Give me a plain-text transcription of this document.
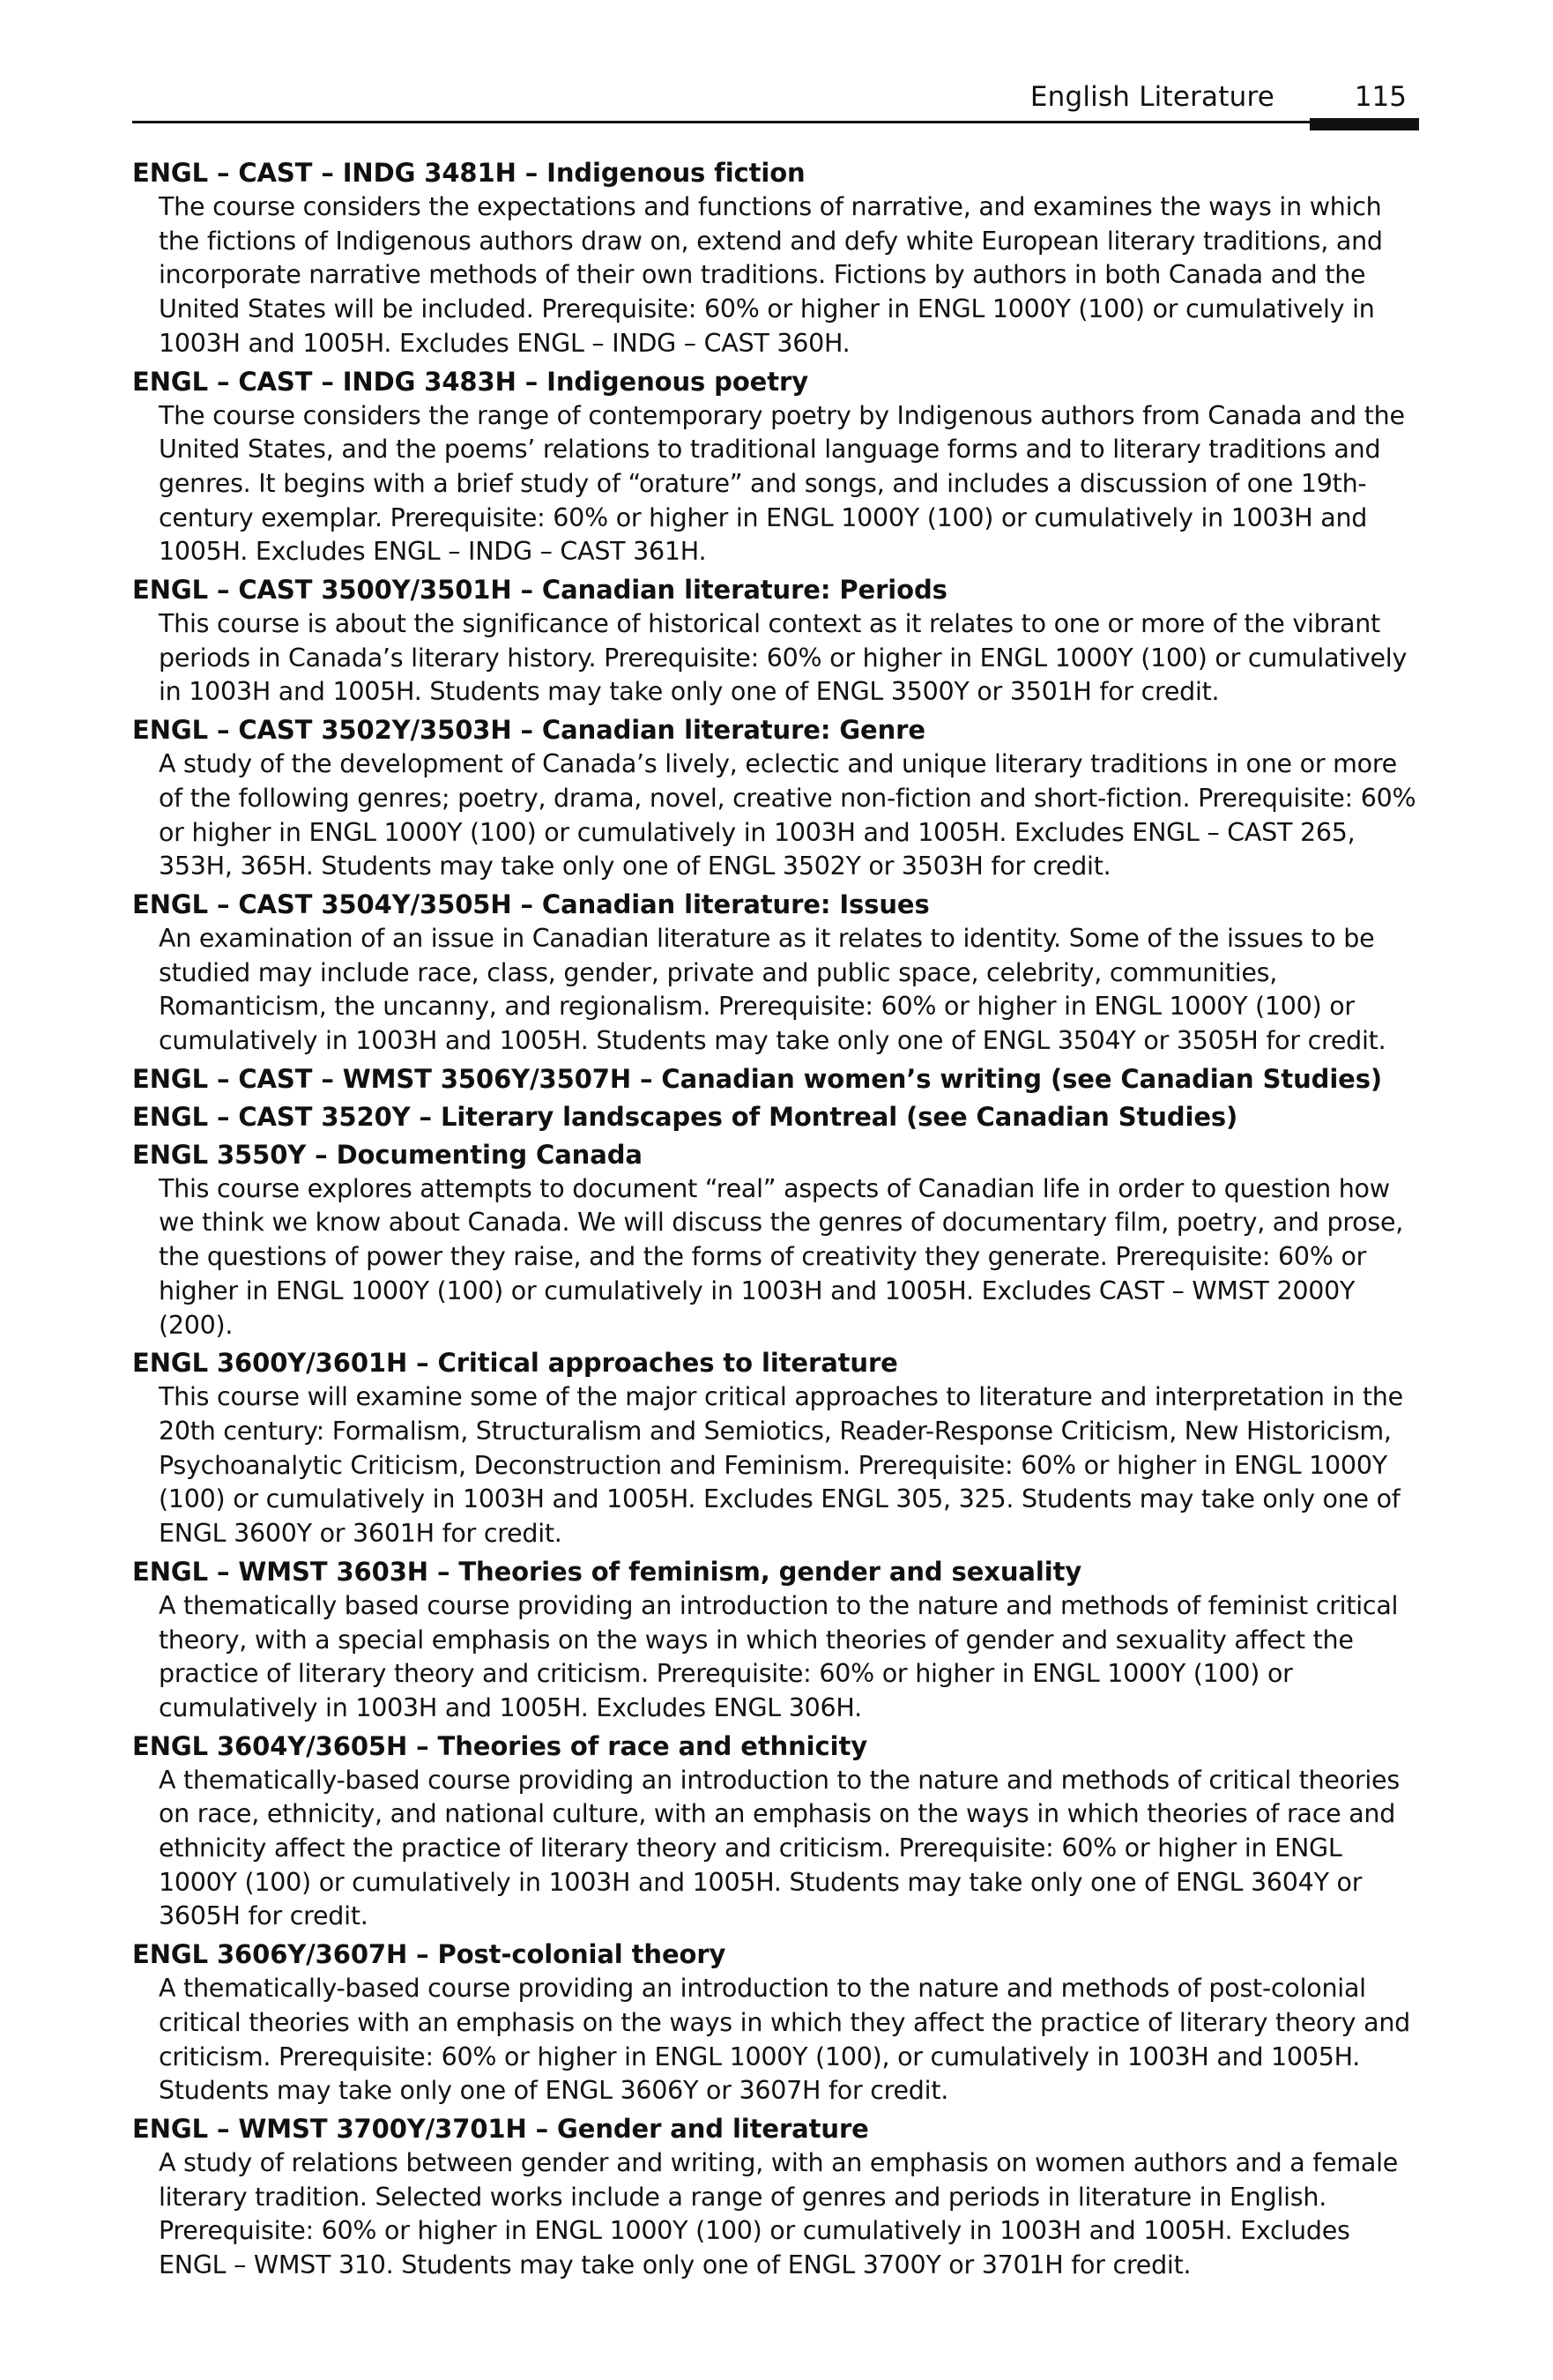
English Literature	115
ENGL – CAST – INDG 3481H – Indigenous fiction
The course considers the expectations and functions of narrative, and examines the ways in which the fictions of Indigenous authors draw on, extend and defy white European literary traditions, and incorporate narrative methods of their own traditions. Fictions by authors in both Canada and the United States will be included. Prerequisite: 60% or higher in ENGL 1000Y (100) or cumulatively in 1003H and 1005H. Excludes ENGL – INDG – CAST 360H.
ENGL – CAST – INDG 3483H – Indigenous poetry
The course considers the range of contemporary poetry by Indigenous authors from Canada and the United States, and the poems’ relations to traditional language forms and to literary traditions and genres. It begins with a brief study of “orature” and songs, and includes a discussion of one 19th-century exemplar. Prerequisite: 60% or higher in ENGL 1000Y (100) or cumulatively in 1003H and 1005H. Excludes ENGL – INDG – CAST 361H.
ENGL – CAST 3500Y/3501H – Canadian literature: Periods
This course is about the significance of historical context as it relates to one or more of the vibrant periods in Canada’s literary history. Prerequisite: 60% or higher in ENGL 1000Y (100) or cumulatively in 1003H and 1005H. Students may take only one of ENGL 3500Y or 3501H for credit.
ENGL – CAST 3502Y/3503H – Canadian literature: Genre
A study of the development of Canada’s lively, eclectic and unique literary traditions in one or more of the following genres; poetry, drama, novel, creative non-fiction and short-fiction. Prerequisite: 60% or higher in ENGL 1000Y (100) or cumulatively in 1003H and 1005H. Excludes ENGL – CAST 265, 353H, 365H. Students may take only one of ENGL 3502Y or 3503H for credit.
ENGL – CAST 3504Y/3505H – Canadian literature: Issues
An examination of an issue in Canadian literature as it relates to identity. Some of the issues to be studied may include race, class, gender, private and public space, celebrity, communities, Romanticism, the uncanny, and regionalism. Prerequisite: 60% or higher in ENGL 1000Y (100) or cumulatively in 1003H and 1005H. Students may take only one of ENGL 3504Y or 3505H for credit.
ENGL – CAST – WMST 3506Y/3507H – Canadian women’s writing (see Canadian Studies)
ENGL – CAST 3520Y – Literary landscapes of Montreal (see Canadian Studies)
ENGL 3550Y – Documenting Canada
This course explores attempts to document “real” aspects of Canadian life in order to question how we think we know about Canada. We will discuss the genres of documentary film, poetry, and prose, the questions of power they raise, and the forms of creativity they generate. Prerequisite: 60% or higher in ENGL 1000Y (100) or cumulatively in 1003H and 1005H. Excludes CAST – WMST 2000Y (200).
ENGL 3600Y/3601H – Critical approaches to literature
This course will examine some of the major critical approaches to literature and interpretation in the 20th century: Formalism, Structuralism and Semiotics, Reader-Response Criticism, New Historicism, Psychoanalytic Criticism, Deconstruction and Feminism. Prerequisite: 60% or higher in ENGL 1000Y (100) or cumulatively in 1003H and 1005H. Excludes ENGL 305, 325. Students may take only one of ENGL 3600Y or 3601H for credit.
ENGL – WMST 3603H – Theories of feminism, gender and sexuality
A thematically based course providing an introduction to the nature and methods of feminist critical theory, with a special emphasis on the ways in which theories of gender and sexuality affect the practice of literary theory and criticism. Prerequisite: 60% or higher in ENGL 1000Y (100) or cumulatively in 1003H and 1005H. Excludes ENGL 306H.
ENGL 3604Y/3605H – Theories of race and ethnicity
A thematically-based course providing an introduction to the nature and methods of critical theories on race, ethnicity, and national culture, with an emphasis on the ways in which theories of race and ethnicity affect the practice of literary theory and criticism. Prerequisite: 60% or higher in ENGL 1000Y (100) or cumulatively in 1003H and 1005H. Students may take only one of ENGL 3604Y or 3605H for credit.
ENGL 3606Y/3607H – Post-colonial theory
A thematically-based course providing an introduction to the nature and methods of post-colonial critical theories with an emphasis on the ways in which they affect the practice of literary theory and criticism. Prerequisite: 60% or higher in ENGL 1000Y (100), or cumulatively in 1003H and 1005H. Students may take only one of ENGL 3606Y or 3607H for credit.
ENGL – WMST 3700Y/3701H – Gender and literature
A study of relations between gender and writing, with an emphasis on women authors and a female literary tradition. Selected works include a range of genres and periods in literature in English. Prerequisite: 60% or higher in ENGL 1000Y (100) or cumulatively in 1003H and 1005H. Excludes ENGL – WMST 310. Students may take only one of ENGL 3700Y or 3701H for credit.
